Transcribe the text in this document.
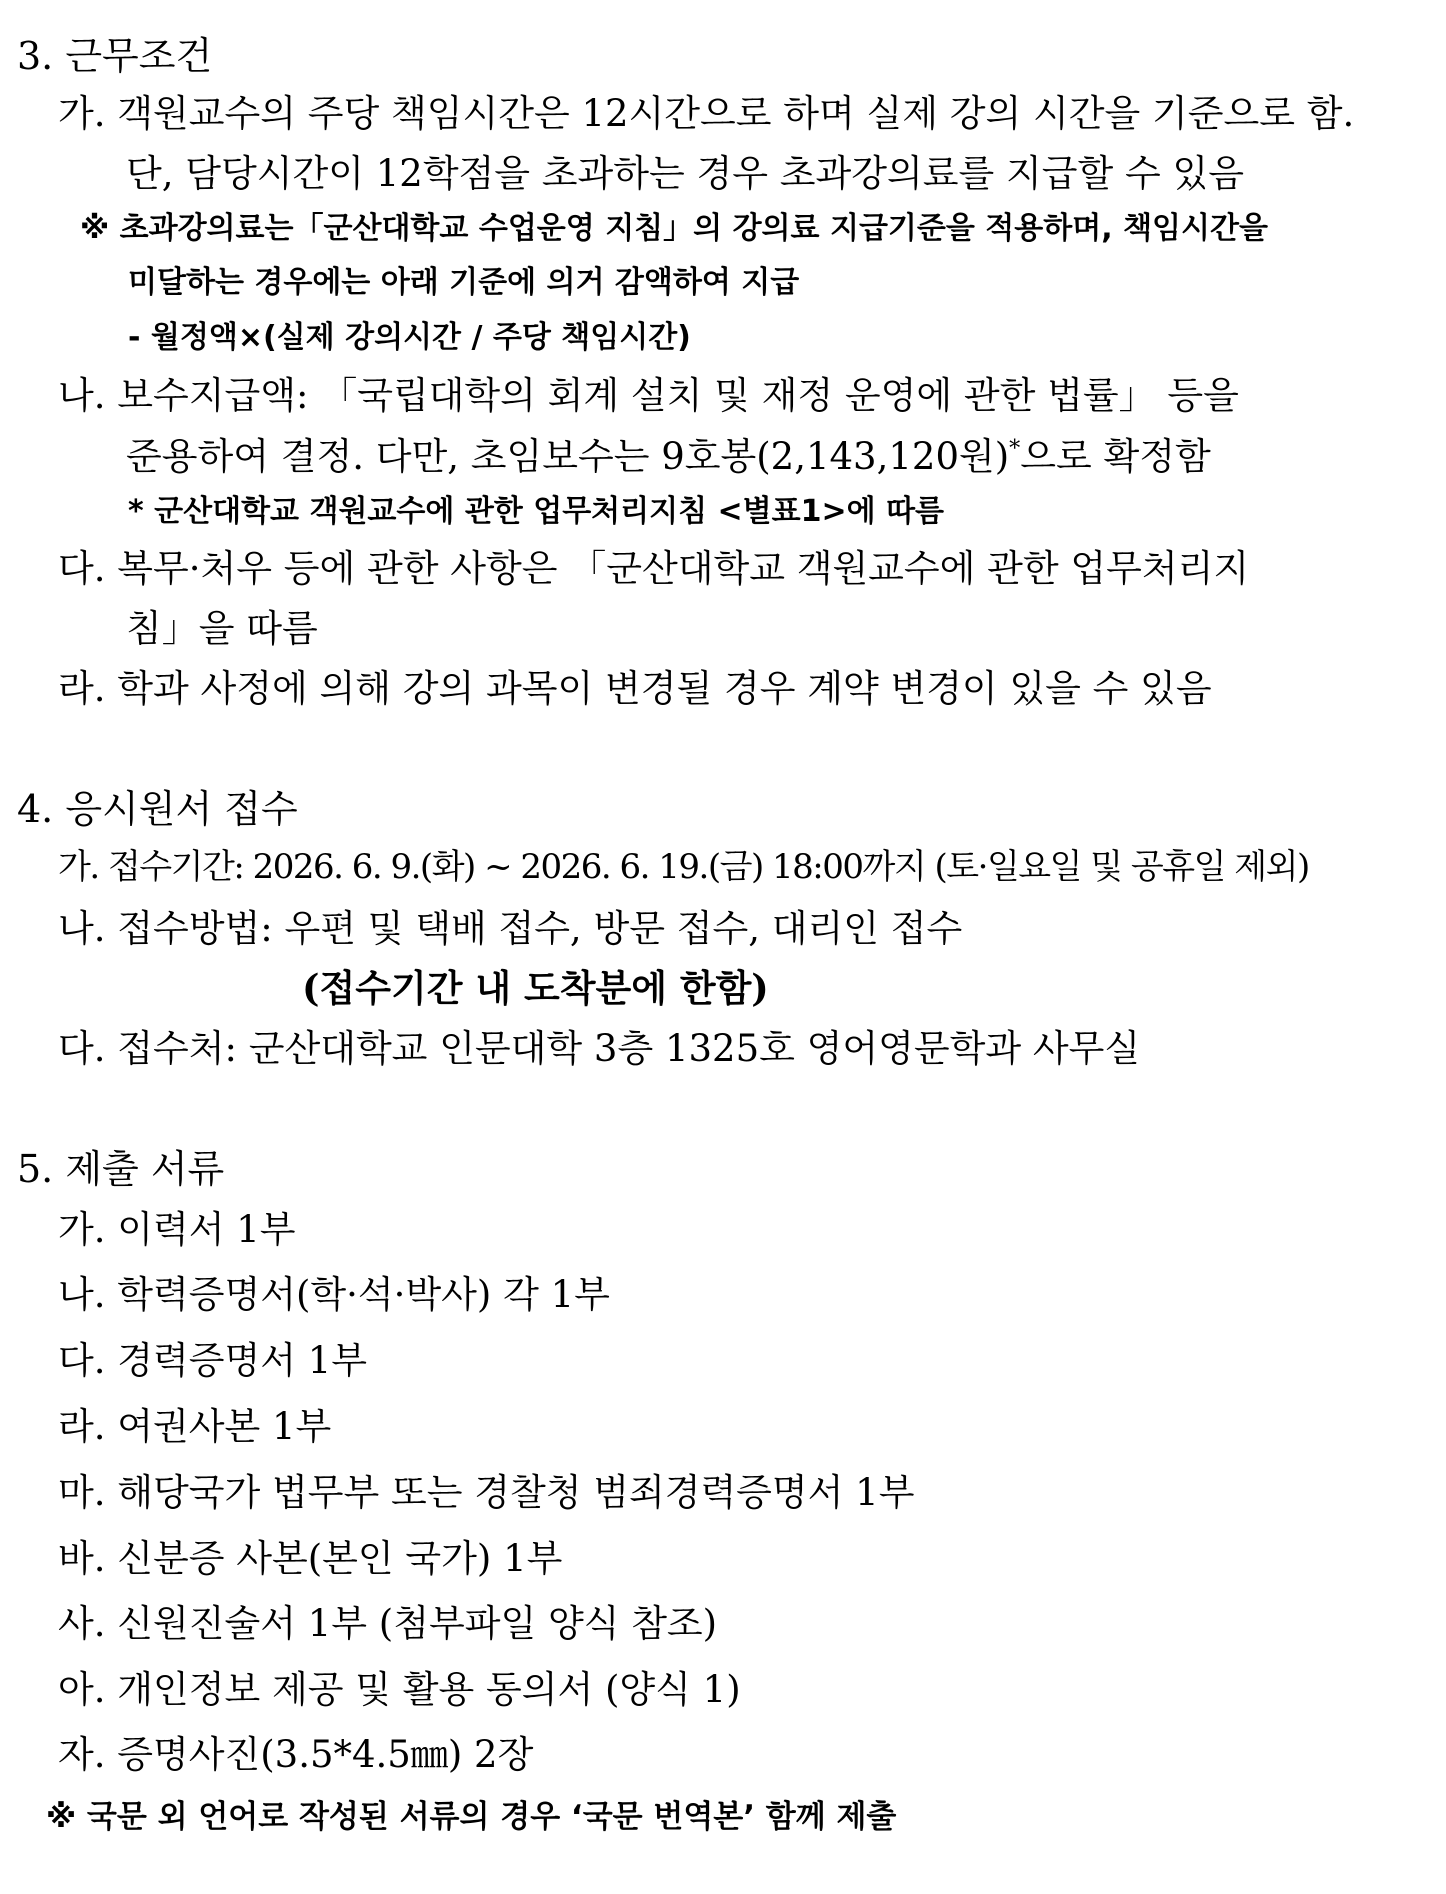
3. 근무조건
가. 객원교수의 주당 책임시간은 12시간으로 하며 실제 강의 시간을 기준으로 함.
단, 담당시간이 12학점을 초과하는 경우 초과강의료를 지급할 수 있음
※ 초과강의료는「군산대학교 수업운영 지침」의 강의료 지급기준을 적용하며, 책임시간을
미달하는 경우에는 아래 기준에 의거 감액하여 지급
- 월정액×(실제 강의시간 / 주당 책임시간)
나. 보수지급액: 「국립대학의 회계 설치 및 재정 운영에 관한 법률」 등을
준용하여 결정. 다만, 초임보수는 9호봉(2,143,120원)*으로 확정함
* 군산대학교 객원교수에 관한 업무처리지침 <별표1>에 따름
다. 복무·처우 등에 관한 사항은 「군산대학교 객원교수에 관한 업무처리지
침」을 따름
라. 학과 사정에 의해 강의 과목이 변경될 경우 계약 변경이 있을 수 있음
4. 응시원서 접수
가. 접수기간: 2026. 6. 9.(화) ~ 2026. 6. 19.(금) 18:00까지 (토·일요일 및 공휴일 제외)
나. 접수방법: 우편 및 택배 접수, 방문 접수, 대리인 접수
(접수기간 내 도착분에 한함)
다. 접수처: 군산대학교 인문대학 3층 1325호 영어영문학과 사무실
5. 제출 서류
가. 이력서 1부
나. 학력증명서(학·석·박사) 각 1부
다. 경력증명서 1부
라. 여권사본 1부
마. 해당국가 법무부 또는 경찰청 범죄경력증명서 1부
바. 신분증 사본(본인 국가) 1부
사. 신원진술서 1부 (첨부파일 양식 참조)
아. 개인정보 제공 및 활용 동의서 (양식 1)
자. 증명사진(3.5*4.5㎜) 2장
※ 국문 외 언어로 작성된 서류의 경우 ‘국문 번역본’ 함께 제출
